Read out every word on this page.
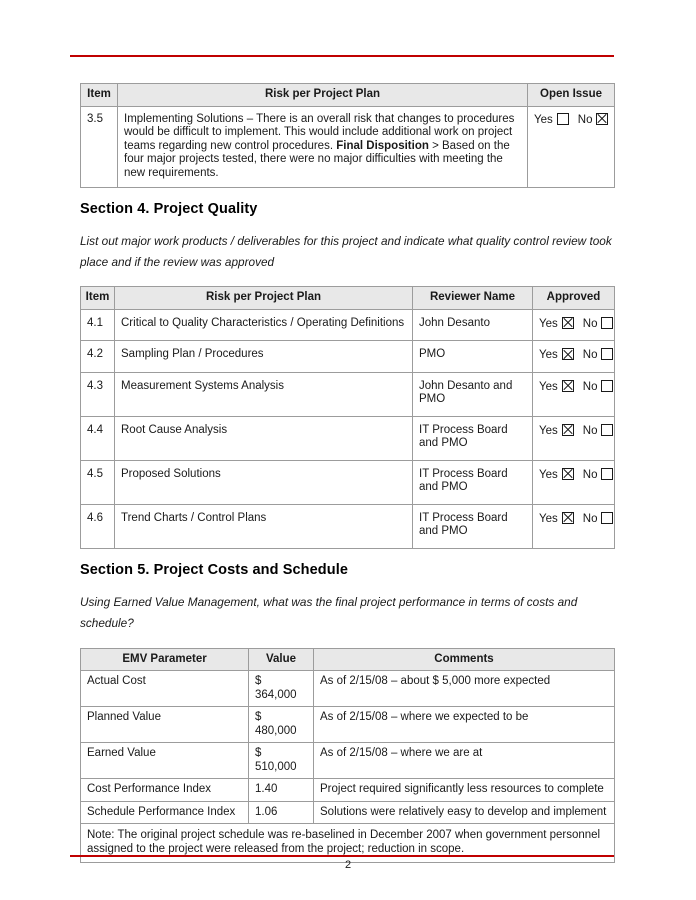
Item	Risk per Project Plan	Open Issue
3.5	Implementing Solutions – There is an overall risk that changes to procedures would be difficult to implement. This would include additional work on project teams regarding new control procedures. Final Disposition > Based on the four major projects tested, there were no major difficulties with meeting the new requirements.	Yes No
Section 4. Project Quality

List out major work products / deliverables for this project and indicate what quality control review took place and if the review was approved

Item	Risk per Project Plan	Reviewer Name	Approved
4.1	Critical to Quality Characteristics / Operating Definitions	John Desanto	Yes No
4.2	Sampling Plan / Procedures	PMO	Yes No
4.3	Measurement Systems Analysis	John Desanto and PMO	Yes No
4.4	Root Cause Analysis	IT Process Board and PMO	Yes No
4.5	Proposed Solutions	IT Process Board and PMO	Yes No
4.6	Trend Charts / Control Plans	IT Process Board and PMO	Yes No
Section 5. Project Costs and Schedule

Using Earned Value Management, what was the final project performance in terms of costs and schedule?

EMV Parameter	Value	Comments
Actual Cost	$ 364,000	As of 2/15/08 – about $ 5,000 more expected
Planned Value	$ 480,000	As of 2/15/08 – where we expected to be
Earned Value	$ 510,000	As of 2/15/08 – where we are at
Cost Performance Index	1.40	Project required significantly less resources to complete
Schedule Performance Index	1.06	Solutions were relatively easy to develop and implement
Note: The original project schedule was re-baselined in December 2007 when government personnel assigned to the project were released from the project; reduction in scope.		
2
